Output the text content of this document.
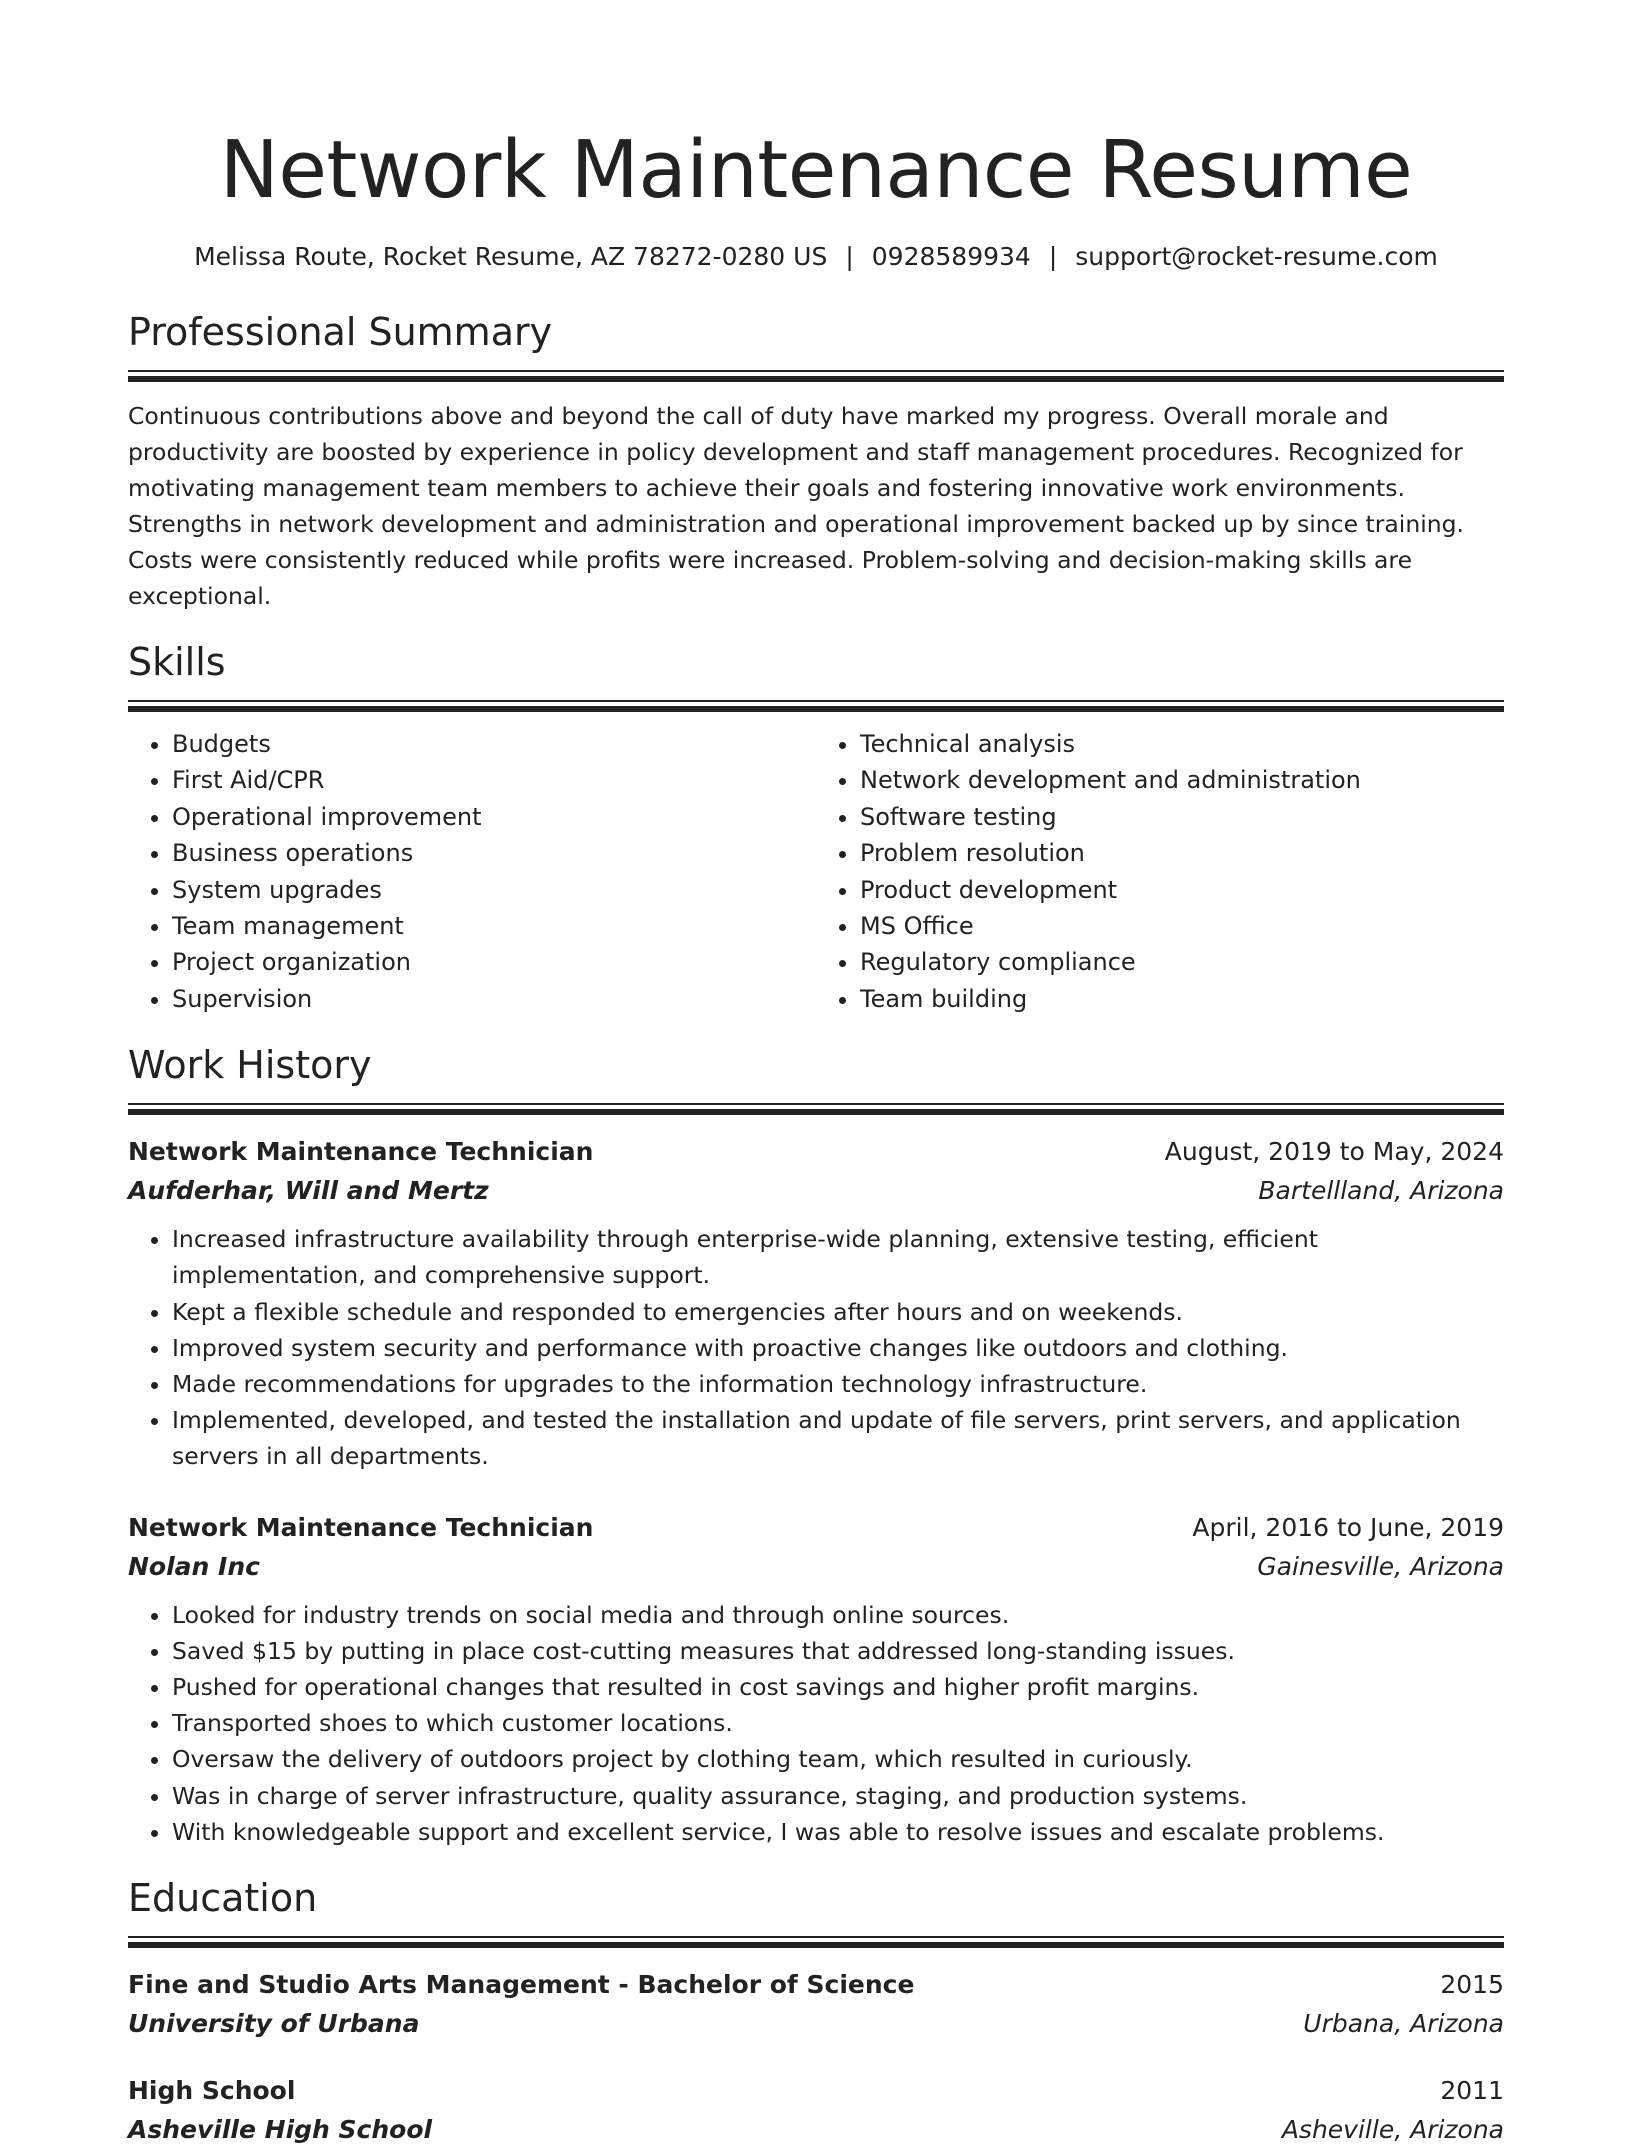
Network Maintenance Resume
Melissa Route, Rocket Resume, AZ 78272-0280 US | 0928589934 | support@rocket-resume.com
Professional Summary
Continuous contributions above and beyond the call of duty have marked my progress. Overall morale and productivity are boosted by experience in policy development and staff management procedures. Recognized for motivating management team members to achieve their goals and fostering innovative work environments. Strengths in network development and administration and operational improvement backed up by since training. Costs were consistently reduced while profits were increased. Problem-solving and decision-making skills are exceptional.
Skills
• Budgets
• First Aid/CPR
• Operational improvement
• Business operations
• System upgrades
• Team management
• Project organization
• Supervision
• Technical analysis
• Network development and administration
• Software testing
• Problem resolution
• Product development
• MS Office
• Regulatory compliance
• Team building
Work History
Network Maintenance Technician	August, 2019 to May, 2024
Aufderhar, Will and Mertz	Bartellland, Arizona
• Increased infrastructure availability through enterprise-wide planning, extensive testing, efficient implementation, and comprehensive support.
• Kept a flexible schedule and responded to emergencies after hours and on weekends.
• Improved system security and performance with proactive changes like outdoors and clothing.
• Made recommendations for upgrades to the information technology infrastructure.
• Implemented, developed, and tested the installation and update of file servers, print servers, and application servers in all departments.
Network Maintenance Technician	April, 2016 to June, 2019
Nolan Inc	Gainesville, Arizona
• Looked for industry trends on social media and through online sources.
• Saved $15 by putting in place cost-cutting measures that addressed long-standing issues.
• Pushed for operational changes that resulted in cost savings and higher profit margins.
• Transported shoes to which customer locations.
• Oversaw the delivery of outdoors project by clothing team, which resulted in curiously.
• Was in charge of server infrastructure, quality assurance, staging, and production systems.
• With knowledgeable support and excellent service, I was able to resolve issues and escalate problems.
Education
Fine and Studio Arts Management - Bachelor of Science	2015
University of Urbana	Urbana, Arizona
High School	2011
Asheville High School	Asheville, Arizona
